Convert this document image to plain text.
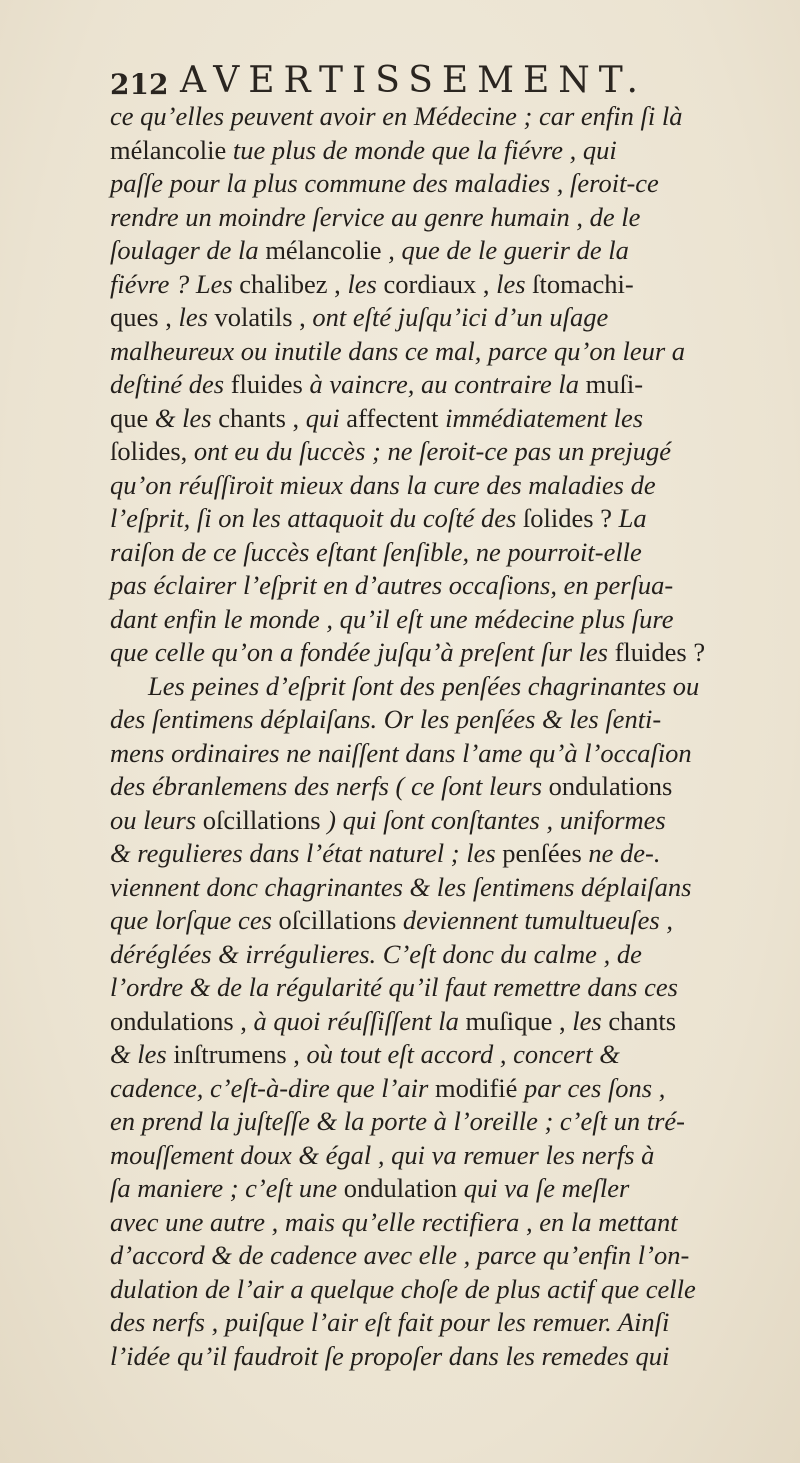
212 AVERTISSEMENT.
ce qu’elles peuvent avoir en Médecine ; car enfin ſi là
mélancolie tue plus de monde que la fiévre , qui
paſſe pour la plus commune des maladies , ſeroit-ce
rendre un moindre ſervice au genre humain , de le
ſoulager de la mélancolie , que de le guerir de la
fiévre ? Les chalibez , les cordiaux , les ſtomachi-
ques , les volatils , ont eſté juſqu’ici d’un uſage
malheureux ou inutile dans ce mal, parce qu’on leur a
deſtiné des fluides à vaincre, au contraire la muſi-
que & les chants , qui affectent immédiatement les
ſolides, ont eu du ſuccès ; ne ſeroit-ce pas un prejugé
qu’on réuſſiroit mieux dans la cure des maladies de
l’eſprit, ſi on les attaquoit du coſté des ſolides ? La
raiſon de ce ſuccès eſtant ſenſible, ne pourroit-elle
pas éclairer l’eſprit en d’autres occaſions, en perſua-
dant enfin le monde , qu’il eſt une médecine plus ſure
que celle qu’on a fondée juſqu’à preſent ſur les fluides ?
Les peines d’eſprit ſont des penſées chagrinantes ou
des ſentimens déplaiſans. Or les penſées & les ſenti-
mens ordinaires ne naiſſent dans l’ame qu’à l’occaſion
des ébranlemens des nerfs ( ce ſont leurs ondulations
ou leurs oſcillations ) qui ſont conſtantes , uniformes
& regulieres dans l’état naturel ; les penſées ne de-.
viennent donc chagrinantes & les ſentimens déplaiſans
que lorſque ces oſcillations deviennent tumultueuſes ,
déréglées & irrégulieres. C’eſt donc du calme , de
l’ordre & de la régularité qu’il faut remettre dans ces
ondulations , à quoi réuſſiſſent la muſique , les chants
& les inſtrumens , où tout eſt accord , concert &
cadence, c’eſt-à-dire que l’air modifié par ces ſons ,
en prend la juſteſſe & la porte à l’oreille ; c’eſt un tré-
mouſſement doux & égal , qui va remuer les nerfs à
ſa maniere ; c’eſt une ondulation qui va ſe meſler
avec une autre , mais qu’elle rectifiera , en la mettant
d’accord & de cadence avec elle , parce qu’enfin l’on-
dulation de l’air a quelque choſe de plus actif que celle
des nerfs , puiſque l’air eſt fait pour les remuer. Ainſi
l’idée qu’il faudroit ſe propoſer dans les remedes qui
